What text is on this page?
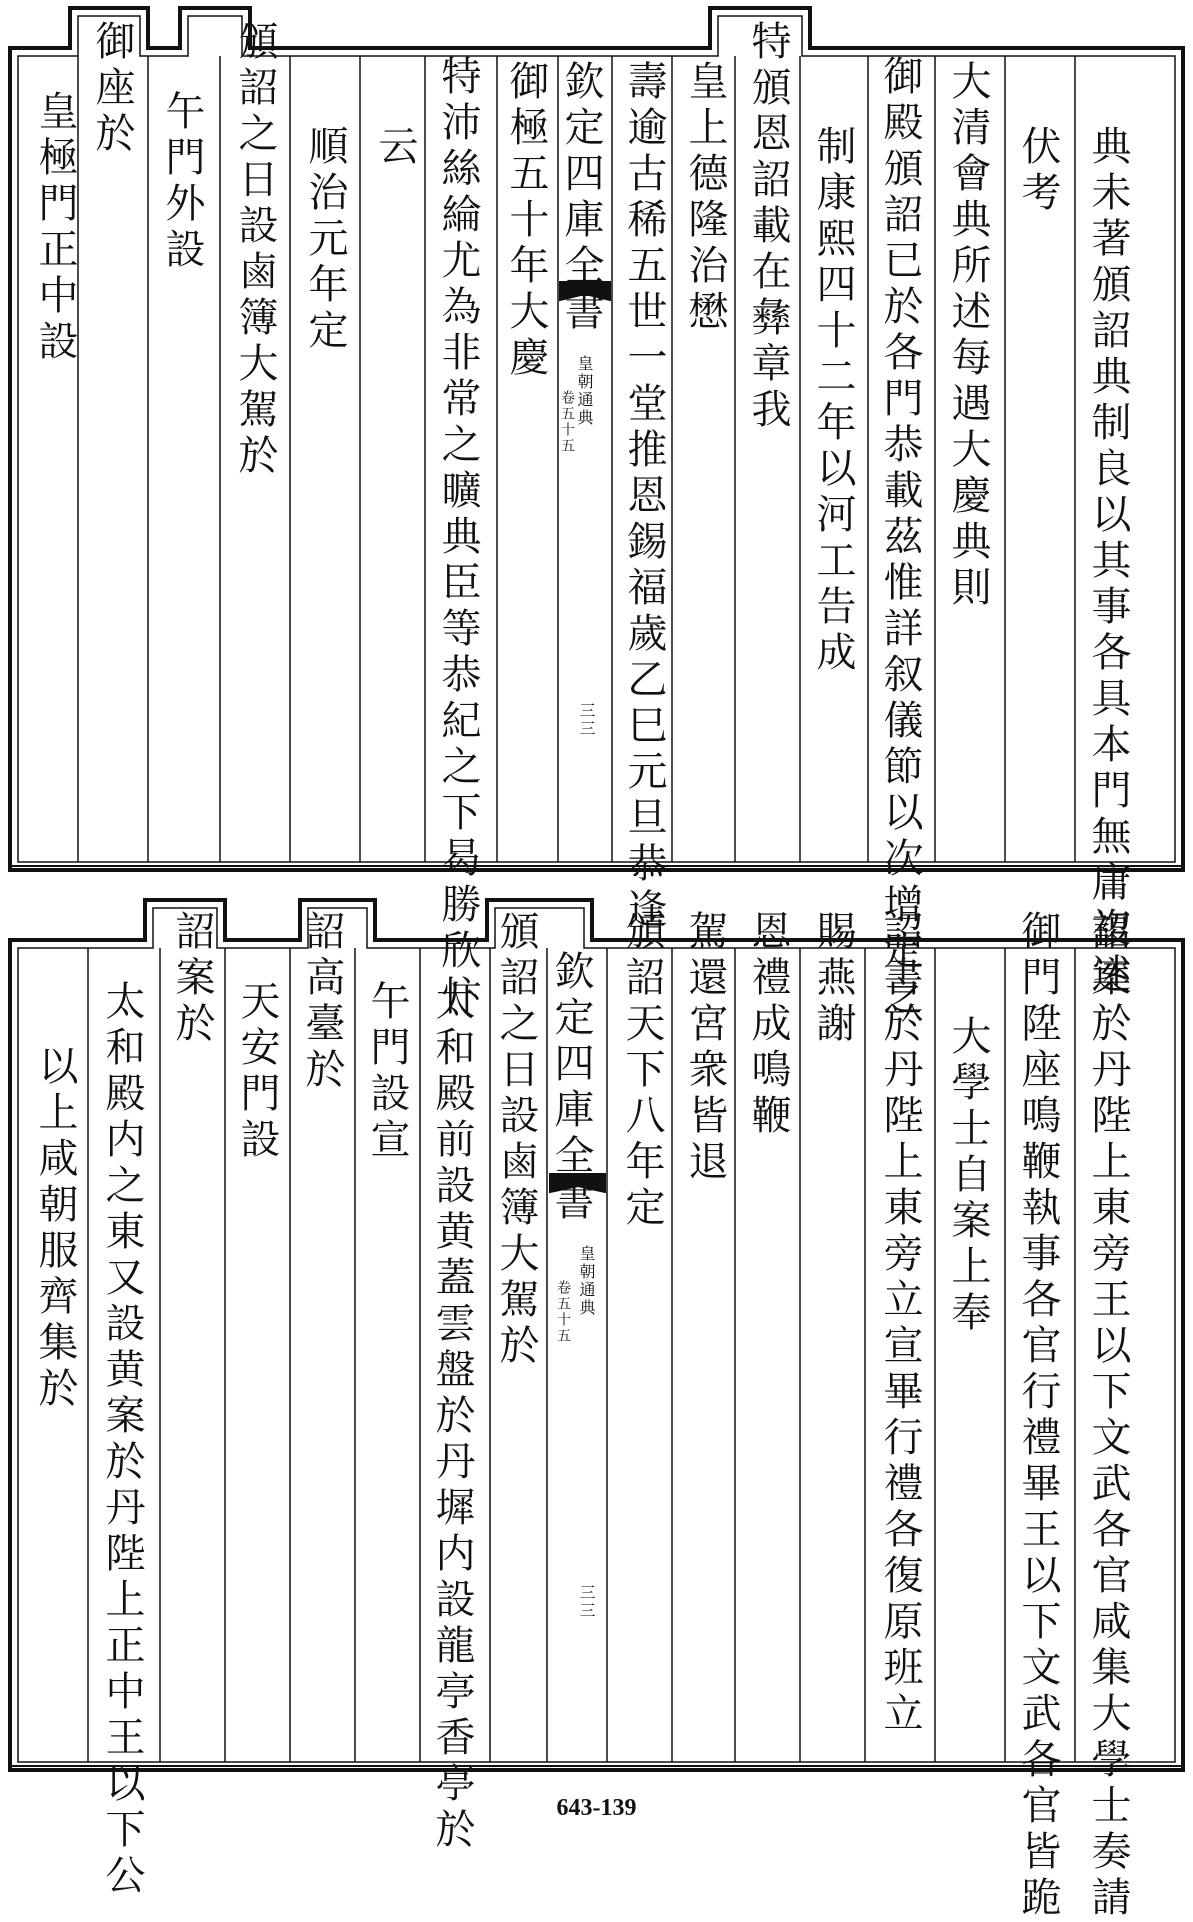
典未著頒詔典制良以其事各具本門無庸複述
伏考
大清會典所述每遇大慶典則
御殿頒詔已於各門恭載茲惟詳叙儀節以次增定之
制康熙四十二年以河工告成
特頒恩詔載在彝章我
皇上德隆治懋
壽逾古稀五世一堂推恩錫福歲乙巳元旦恭逢
欽定四庫全書
皇朝通典
卷五十五
三三
御極五十年大慶
特沛絲綸尤為非常之曠典臣等恭紀之下曷勝欣忭
云
順治元年定
頒詔之日設鹵簿大駕於
午門外設
御座於
皇極門正中設
詔案於丹陛上東旁王以下文武各官咸集大學士奏請
御門陞座鳴鞭執事各官行禮畢王以下文武各官皆跪
大學士自案上奉
詔書於丹陛上東旁立宣畢行禮各復原班立
賜燕謝
恩禮成鳴鞭
駕還宮衆皆退
頒詔天下八年定
欽定四庫全書
皇朝通典
卷五十五
三三
頒詔之日設鹵簿大駕於
太和殿前設黄蓋雲盤於丹墀内設龍亭香亭於
午門設宣
詔高臺於
天安門設
詔案於
太和殿内之東又設黄案於丹陛上正中王以下公
以上咸朝服齊集於
643-139
